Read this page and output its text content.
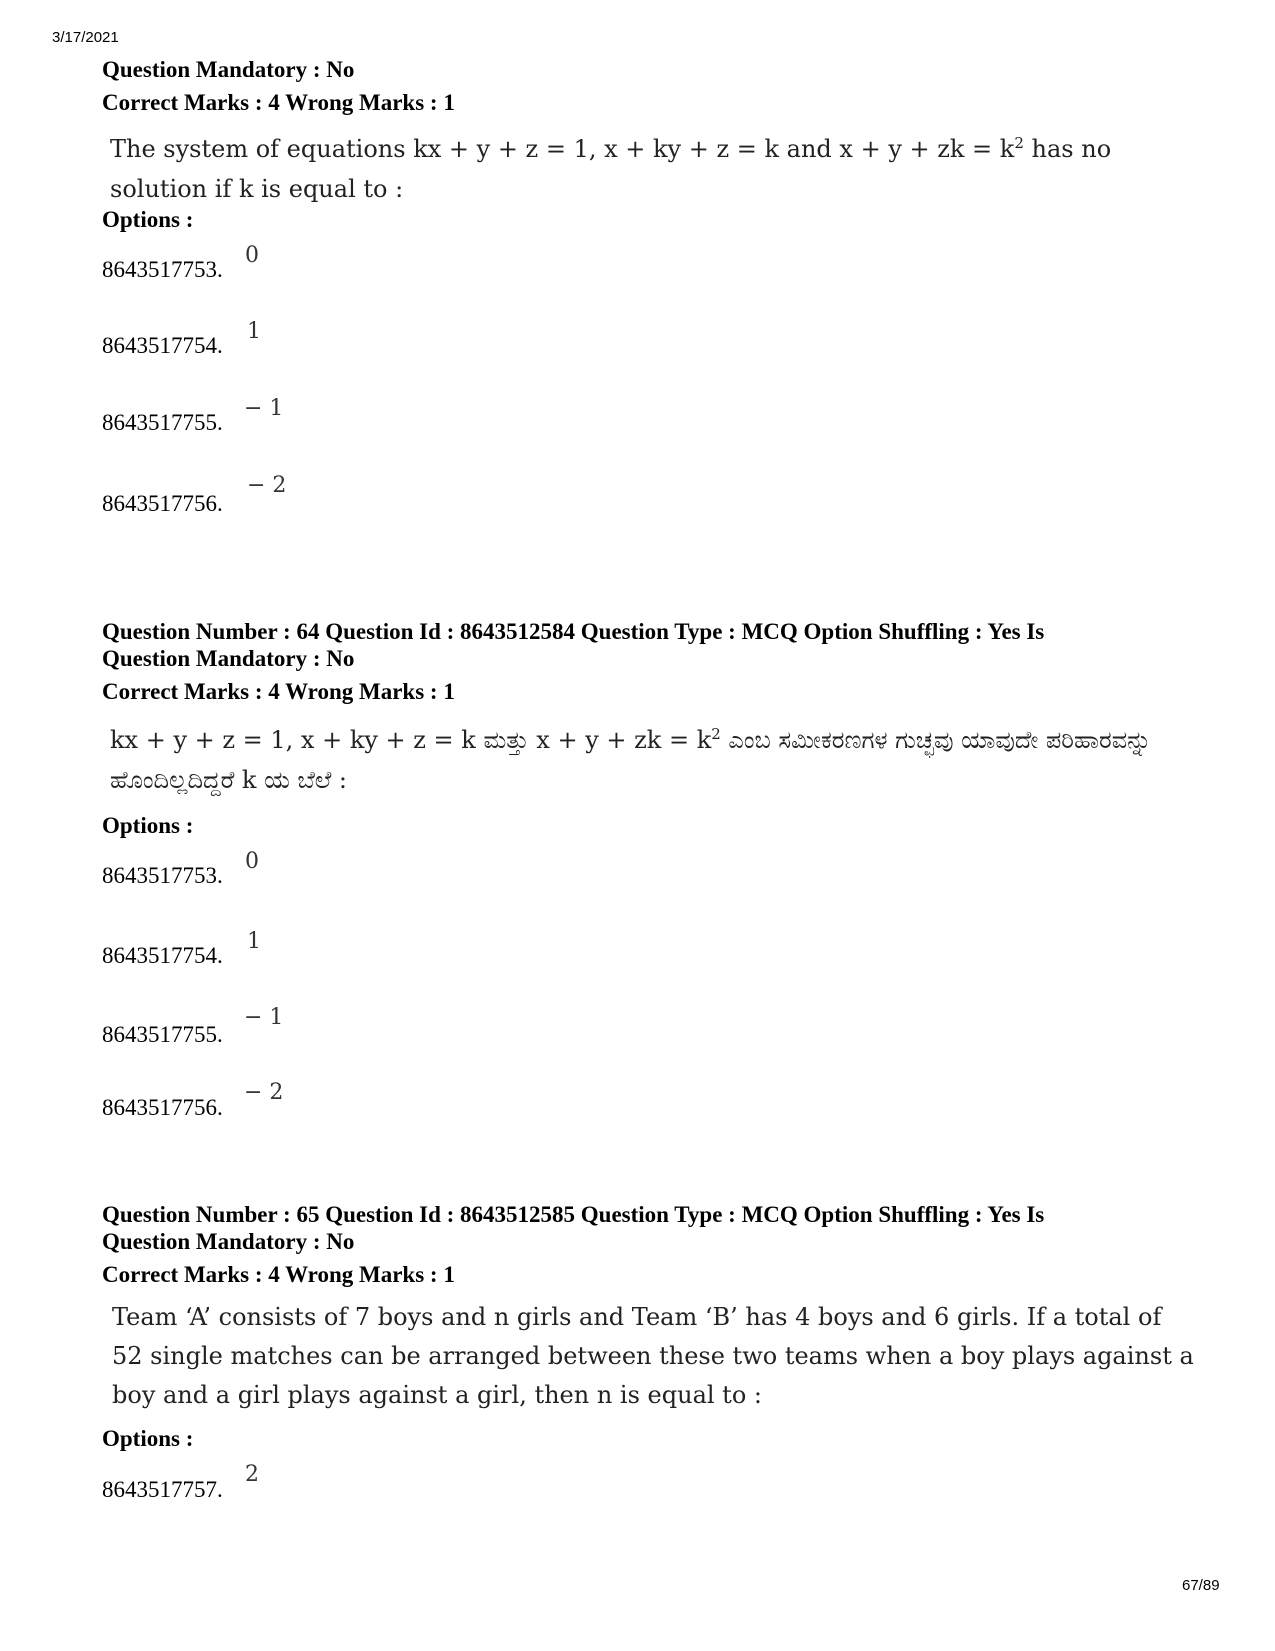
3/17/2021
Question Mandatory : No
Correct Marks : 4 Wrong Marks : 1
The system of equations kx + y + z = 1, x + ky + z = k and x + y + zk = $k^2$ has no solution if k is equal to :
Options :
8643517753.
0
8643517754.
1
8643517755.
− 1
8643517756.
− 2
Question Number : 64 Question Id : 8643512584 Question Type : MCQ Option Shuffling : Yes Is
Question Mandatory : No
Correct Marks : 4 Wrong Marks : 1
kx + y + z = 1, x + ky + z = k ಮತ್ತು x + y + zk = $k^2$ ಎಂಬ ಸಮೀಕರಣಗಳ ಗುಚ್ಛವು ಯಾವುದೇ ಪರಿಹಾರವನ್ನು ಹೊಂದಿಲ್ಲದಿದ್ದರೆ k ಯ ಬೆಲೆ :
Options :
8643517753.
0
8643517754.
1
8643517755.
− 1
8643517756.
− 2
Question Number : 65 Question Id : 8643512585 Question Type : MCQ Option Shuffling : Yes Is
Question Mandatory : No
Correct Marks : 4 Wrong Marks : 1
Team ‘A’ consists of 7 boys and n girls and Team ‘B’ has 4 boys and 6 girls. If a total of 52 single matches can be arranged between these two teams when a boy plays against a boy and a girl plays against a girl, then n is equal to :
Options :
8643517757.
2
67/89
